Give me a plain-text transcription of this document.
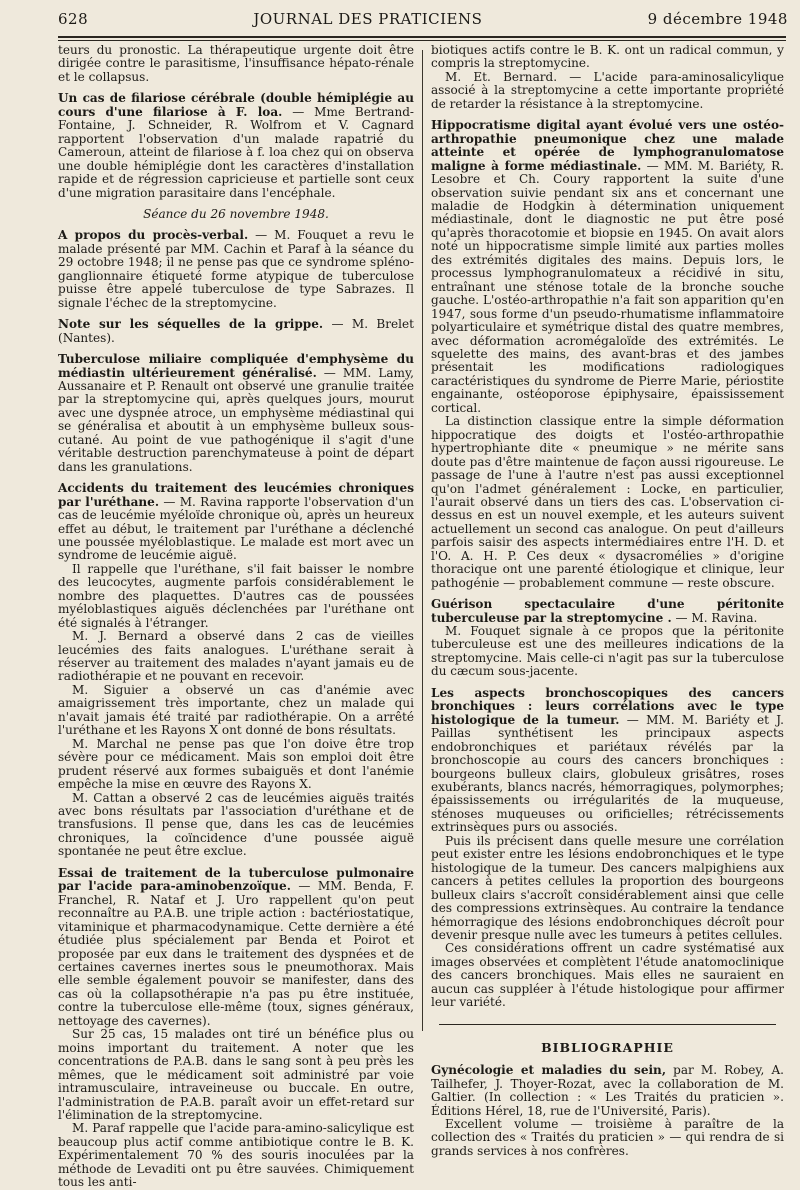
628	JOURNAL DES PRATICIENS	9 décembre 1948

teurs du pronostic. La thérapeutique urgente doit être dirigée contre le parasitisme, l'insuffisance hépato-rénale et le collapsus.

Un cas de filariose cérébrale (double hémiplégie au cours d'une filariose à F. loa. — Mme Bertrand-Fontaine, J. Schneider, R. Wolfrom et V. Cagnard rapportent l'observation d'un malade rapatrié du Cameroun, atteint de filariose à f. loa chez qui on observa une double hémiplégie dont les caractères d'installation rapide et de régression capricieuse et partielle sont ceux d'une migration parasitaire dans l'encéphale.

Séance du 26 novembre 1948.

A propos du procès-verbal. — M. Fouquet a revu le malade présenté par MM. Cachin et Paraf à la séance du 29 octobre 1948; il ne pense pas que ce syndrome spléno-ganglionnaire étiqueté forme atypique de tuberculose puisse être appelé tuberculose de type Sabrazes. Il signale l'échec de la streptomycine.

Note sur les séquelles de la grippe. — M. Brelet (Nantes).

Tuberculose miliaire compliquée d'emphysème du médiastin ultérieurement généralisé. — MM. Lamy, Aussanaire et P. Renault ont observé une granulie traitée par la streptomycine qui, après quelques jours, mourut avec une dyspnée atroce, un emphysème médiastinal qui se généralisa et aboutit à un emphysème bulleux sous-cutané. Au point de vue pathogénique il s'agit d'une véritable destruction parenchymateuse à point de départ dans les granulations.

Accidents du traitement des leucémies chroniques par l'uréthane. — M. Ravina rapporte l'observation d'un cas de leucémie myéloïde chronique où, après un heureux effet au début, le traitement par l'uréthane a déclenché une poussée myéloblastique. Le malade est mort avec un syndrome de leucémie aiguë.

Il rappelle que l'uréthane, s'il fait baisser le nombre des leucocytes, augmente parfois considérablement le nombre des plaquettes. D'autres cas de poussées myéloblastiques aiguës déclenchées par l'uréthane ont été signalés à l'étranger.

M. J. Bernard a observé dans 2 cas de vieilles leucémies des faits analogues. L'uréthane serait à réserver au traitement des malades n'ayant jamais eu de radiothérapie et ne pouvant en recevoir.

M. Siguier a observé un cas d'anémie avec amaigrissement très importante, chez un malade qui n'avait jamais été traité par radiothérapie. On a arrêté l'uréthane et les Rayons X ont donné de bons résultats.

M. Marchal ne pense pas que l'on doive être trop sévère pour ce médicament. Mais son emploi doit être prudent réservé aux formes subaiguës et dont l'anémie empêche la mise en œuvre des Rayons X.

M. Cattan a observé 2 cas de leucémies aiguës traités avec bons résultats par l'association d'uréthane et de transfusions. Il pense que, dans les cas de leucémies chroniques, la coïncidence d'une poussée aiguë spontanée ne peut être exclue.

Essai de traitement de la tuberculose pulmonaire par l'acide para-aminobenzoïque. — MM. Benda, F. Franchel, R. Nataf et J. Uro rappellent qu'on peut reconnaître au P.A.B. une triple action : bactériostatique, vitaminique et pharmacodynamique. Cette dernière a été étudiée plus spécialement par Benda et Poirot et proposée par eux dans le traitement des dyspnées et de certaines cavernes inertes sous le pneumothorax. Mais elle semble également pouvoir se manifester, dans des cas où la collapsothérapie n'a pas pu être instituée, contre la tuberculose elle-même (toux, signes généraux, nettoyage des cavernes).

Sur 25 cas, 15 malades ont tiré un bénéfice plus ou moins important du traitement. A noter que les concentrations de P.A.B. dans le sang sont à peu près les mêmes, que le médicament soit administré par voie intramusculaire, intraveineuse ou buccale. En outre, l'administration de P.A.B. paraît avoir un effet-retard sur l'élimination de la streptomycine.

M. Paraf rappelle que l'acide para-amino-salicylique est beaucoup plus actif comme antibiotique contre le B. K. Expérimentalement 70 % des souris inoculées par la méthode de Levaditi ont pu être sauvées. Chimiquement tous les anti-

biotiques actifs contre le B. K. ont un radical commun, y compris la streptomycine.

M. Et. Bernard. — L'acide para-aminosalicylique associé à la streptomycine a cette importante propriété de retarder la résistance à la streptomycine.

Hippocratisme digital ayant évolué vers une ostéo-arthropathie pneumonique chez une malade atteinte et opérée de lymphogranulomatose maligne à forme médiastinale. — MM. M. Bariéty, R. Lesobre et Ch. Coury rapportent la suite d'une observation suivie pendant six ans et concernant une maladie de Hodgkin à détermination uniquement médiastinale, dont le diagnostic ne put être posé qu'après thoracotomie et biopsie en 1945. On avait alors noté un hippocratisme simple limité aux parties molles des extrémités digitales des mains. Depuis lors, le processus lymphogranulomateux a récidivé in situ, entraînant une sténose totale de la bronche souche gauche. L'ostéo-arthropathie n'a fait son apparition qu'en 1947, sous forme d'un pseudo-rhumatisme inflammatoire polyarticulaire et symétrique distal des quatre membres, avec déformation acromégaloïde des extrémités. Le squelette des mains, des avant-bras et des jambes présentait les modifications radiologiques caractéristiques du syndrome de Pierre Marie, périostite engainante, ostéoporose épiphysaire, épaississement cortical.

La distinction classique entre la simple déformation hippocratique des doigts et l'ostéo-arthropathie hypertrophiante dite « pneumique » ne mérite sans doute pas d'être maintenue de façon aussi rigoureuse. Le passage de l'une à l'autre n'est pas aussi exceptionnel qu'on l'admet généralement : Locke, en particulier, l'aurait observé dans un tiers des cas. L'observation ci-dessus en est un nouvel exemple, et les auteurs suivent actuellement un second cas analogue. On peut d'ailleurs parfois saisir des aspects intermédiaires entre l'H. D. et l'O. A. H. P. Ces deux « dysacromélies » d'origine thoracique ont une parenté étiologique et clinique, leur pathogénie — probablement commune — reste obscure.

Guérison spectaculaire d'une péritonite tuberculeuse par la streptomycine . — M. Ravina.

M. Fouquet signale à ce propos que la péritonite tuberculeuse est une des meilleures indications de la streptomycine. Mais celle-ci n'agit pas sur la tuberculose du cæcum sous-jacente.

Les aspects bronchoscopiques des cancers bronchiques : leurs corrélations avec le type histologique de la tumeur. — MM. M. Bariéty et J. Paillas synthétisent les principaux aspects endobronchiques et pariétaux révélés par la bronchoscopie au cours des cancers bronchiques : bourgeons bulleux clairs, globuleux grisâtres, roses exubérants, blancs nacrés, hémorragiques, polymorphes; épaississements ou irrégularités de la muqueuse, sténoses muqueuses ou orificielles; rétrécissements extrinsèques purs ou associés.

Puis ils précisent dans quelle mesure une corrélation peut exister entre les lésions endobronchiques et le type histologique de la tumeur. Des cancers malpighiens aux cancers à petites cellules la proportion des bourgeons bulleux clairs s'accroît considérablement ainsi que celle des compressions extrinsèques. Au contraire la tendance hémorragique des lésions endobronchiques décroît pour devenir presque nulle avec les tumeurs à petites cellules.

Ces considérations offrent un cadre systématisé aux images observées et complètent l'étude anatomoclinique des cancers bronchiques. Mais elles ne sauraient en aucun cas suppléer à l'étude histologique pour affirmer leur variété.

BIBLIOGRAPHIE

Gynécologie et maladies du sein, par M. Robey, A. Tailhefer, J. Thoyer-Rozat, avec la collaboration de M. Galtier. (In collection : « Les Traités du praticien ». Éditions Hérel, 18, rue de l'Université, Paris).

Excellent volume — troisième à paraître de la collection des « Traités du praticien » — qui rendra de si grands services à nos confrères.
